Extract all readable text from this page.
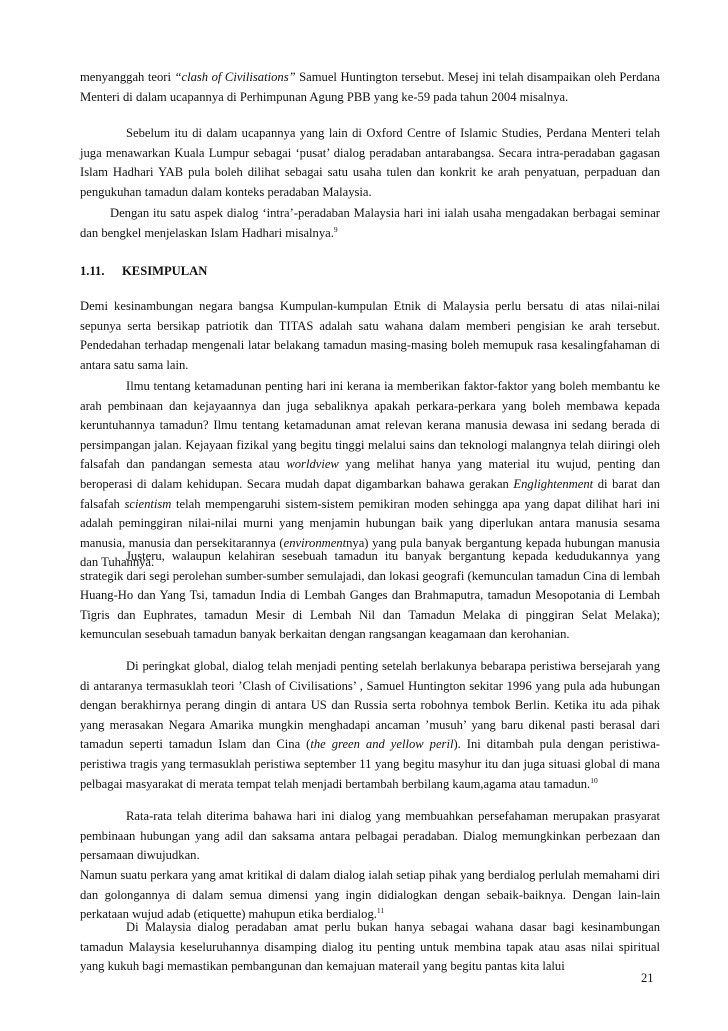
menyanggah teori “clash of Civilisations” Samuel Huntington tersebut. Mesej ini telah disampaikan oleh Perdana Menteri di dalam ucapannya di Perhimpunan Agung PBB yang ke-59 pada tahun 2004 misalnya.

Sebelum itu di dalam ucapannya yang lain di Oxford Centre of Islamic Studies, Perdana Menteri telah juga menawarkan Kuala Lumpur sebagai ‘pusat’ dialog peradaban antarabangsa. Secara intra-peradaban gagasan Islam Hadhari YAB pula boleh dilihat sebagai satu usaha tulen dan konkrit ke arah penyatuan, perpaduan dan pengukuhan tamadun dalam konteks peradaban Malaysia.

Dengan itu satu aspek dialog ‘intra’-peradaban Malaysia hari ini ialah usaha mengadakan berbagai seminar dan bengkel menjelaskan Islam Hadhari misalnya.$^9$

1.11. KESIMPULAN

Demi kesinambungan negara bangsa Kumpulan-kumpulan Etnik di Malaysia perlu bersatu di atas nilai-nilai sepunya serta bersikap patriotik dan TITAS adalah satu wahana dalam memberi pengisian ke arah tersebut. Pendedahan terhadap mengenali latar belakang tamadun masing-masing boleh memupuk rasa kesalingfahaman di antara satu sama lain.

Ilmu tentang ketamadunan penting hari ini kerana ia memberikan faktor-faktor yang boleh membantu ke arah pembinaan dan kejayaannya dan juga sebaliknya apakah perkara-perkara yang boleh membawa kepada keruntuhannya tamadun? Ilmu tentang ketamadunan amat relevan kerana manusia dewasa ini sedang berada di persimpangan jalan. Kejayaan fizikal yang begitu tinggi melalui sains dan teknologi malangnya telah diiringi oleh falsafah dan pandangan semesta atau worldview yang melihat hanya yang material itu wujud, penting dan beroperasi di dalam kehidupan. Secara mudah dapat digambarkan bahawa gerakan Englightenment di barat dan falsafah scientism telah mempengaruhi sistem-sistem pemikiran moden sehingga apa yang dapat dilihat hari ini adalah peminggiran nilai-nilai murni yang menjamin hubungan baik yang diperlukan antara manusia sesama manusia, manusia dan persekitarannya (environmentnya) yang pula banyak bergantung kepada hubungan manusia dan Tuhannya.

Justeru, walaupun kelahiran sesebuah tamadun itu banyak bergantung kepada kedudukannya yang strategik dari segi perolehan sumber-sumber semulajadi, dan lokasi geografi (kemunculan tamadun Cina di lembah Huang-Ho dan Yang Tsi, tamadun India di Lembah Ganges dan Brahmaputra, tamadun Mesopotania di Lembah Tigris dan Euphrates, tamadun Mesir di Lembah Nil dan Tamadun Melaka di pinggiran Selat Melaka); kemunculan sesebuah tamadun banyak berkaitan dengan rangsangan keagamaan dan kerohanian.

Di peringkat global, dialog telah menjadi penting setelah berlakunya bebarapa peristiwa bersejarah yang di antaranya termasuklah teori ’Clash of Civilisations’ , Samuel Huntington sekitar 1996 yang pula ada hubungan dengan berakhirnya perang dingin di antara US dan Russia serta robohnya tembok Berlin. Ketika itu ada pihak yang merasakan Negara Amarika mungkin menghadapi ancaman ’musuh’ yang baru dikenal pasti berasal dari tamadun seperti tamadun Islam dan Cina (the green and yellow peril). Ini ditambah pula dengan peristiwa-peristiwa tragis yang termasuklah peristiwa september 11 yang begitu masyhur itu dan juga situasi global di mana pelbagai masyarakat di merata tempat telah menjadi bertambah berbilang kaum,agama atau tamadun.$^{10}$

Rata-rata telah diterima bahawa hari ini dialog yang membuahkan persefahaman merupakan prasyarat pembinaan hubungan yang adil dan saksama antara pelbagai peradaban. Dialog memungkinkan perbezaan dan persamaan diwujudkan.

Namun suatu perkara yang amat kritikal di dalam dialog ialah setiap pihak yang berdialog perlulah memahami diri dan golongannya di dalam semua dimensi yang ingin didialogkan dengan sebaik-baiknya. Dengan lain-lain perkataan wujud adab (etiquette) mahupun etika berdialog.$^{11}$

Di Malaysia dialog peradaban amat perlu bukan hanya sebagai wahana dasar bagi kesinambungan tamadun Malaysia keseluruhannya disamping dialog itu penting untuk membina tapak atau asas nilai spiritual yang kukuh bagi memastikan pembangunan dan kemajuan materail yang begitu pantas kita lalui

21
